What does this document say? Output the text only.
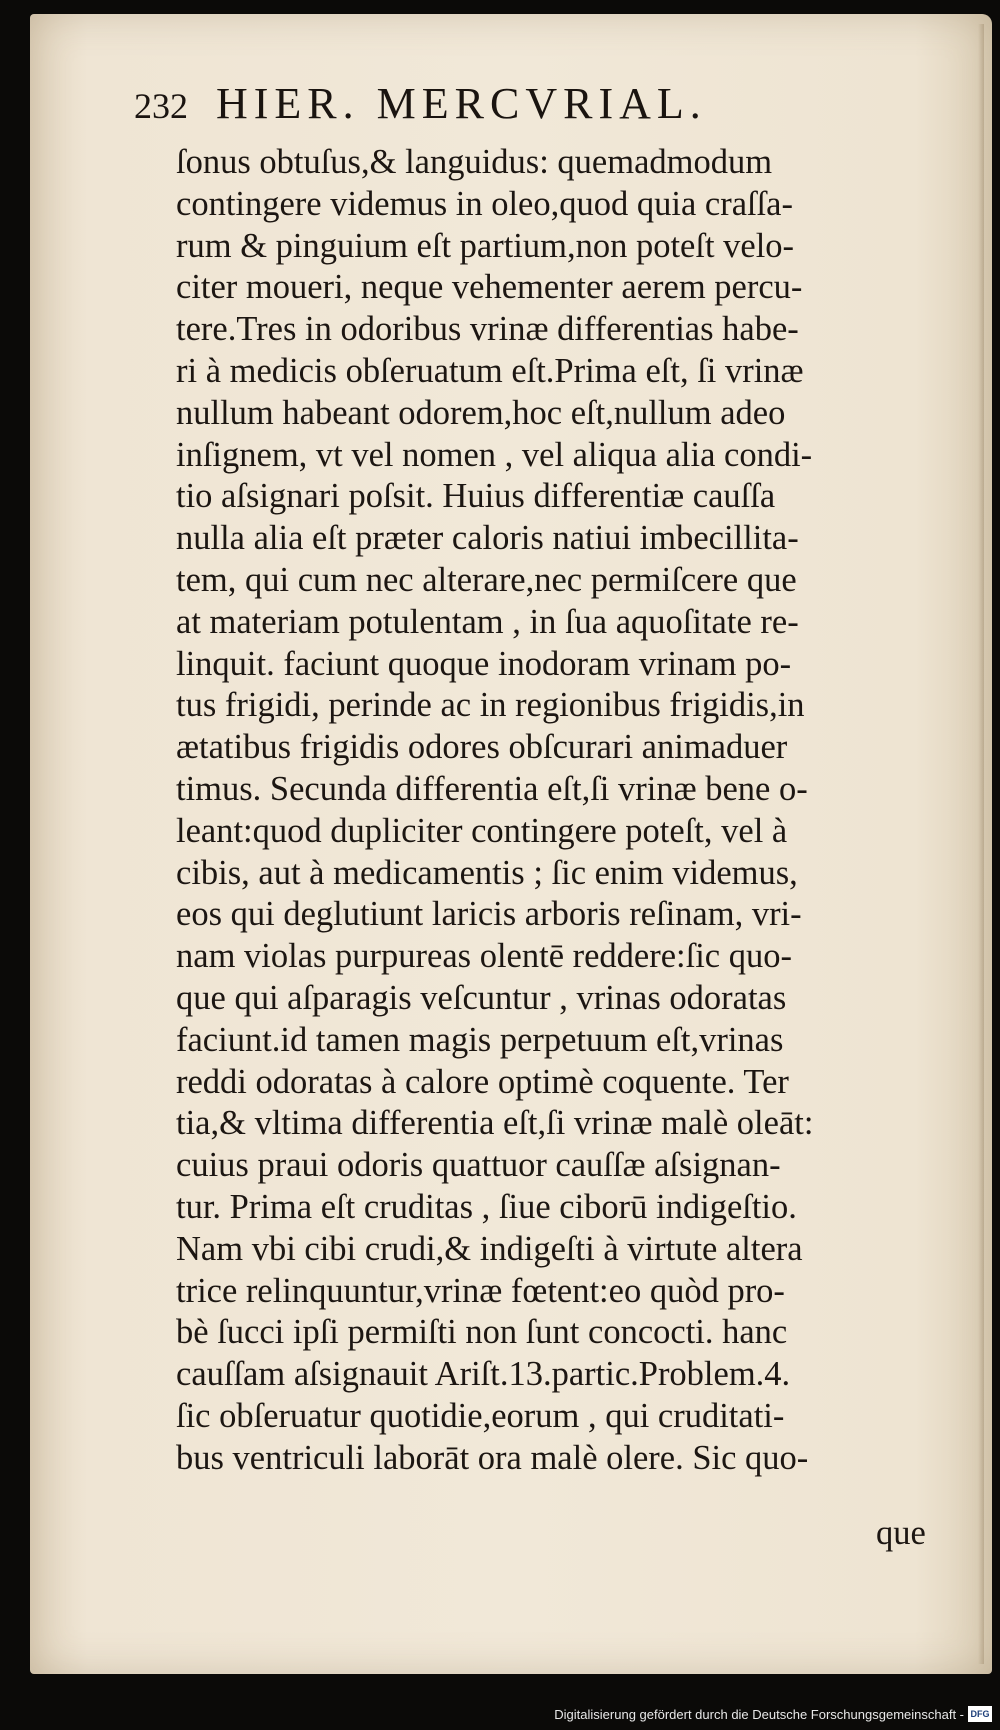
232 HIER. MERCVRIAL.
ſonus obtuſus,& languidus: quemadmodum
contingere videmus in oleo,quod quia craſſa-
rum & pinguium eſt partium,non poteſt velo-
citer moueri, neque vehementer aerem percu-
tere.Tres in odoribus vrinæ differentias habe-
ri à medicis obſeruatum eſt.Prima eſt, ſi vrinæ
nullum habeant odorem,hoc eſt,nullum adeo
inſignem, vt vel nomen , vel aliqua alia condi-
tio aſsignari poſsit. Huius differentiæ cauſſa
nulla alia eſt præter caloris natiui imbecillita-
tem, qui cum nec alterare,nec permiſcere que
at materiam potulentam , in ſua aquoſitate re-
linquit. faciunt quoque inodoram vrinam po-
tus frigidi, perinde ac in regionibus frigidis,in
ætatibus frigidis odores obſcurari animaduer
timus. Secunda differentia eſt,ſi vrinæ bene o-
leant:quod dupliciter contingere poteſt, vel à
cibis, aut à medicamentis ; ſic enim videmus,
eos qui deglutiunt laricis arboris reſinam, vri-
nam violas purpureas olentē reddere:ſic quo-
que qui aſparagis veſcuntur , vrinas odoratas
faciunt.id tamen magis perpetuum eſt,vrinas
reddi odoratas à calore optimè coquente. Ter
tia,& vltima differentia eſt,ſi vrinæ malè oleāt:
cuius praui odoris quattuor cauſſæ aſsignan-
tur. Prima eſt cruditas , ſiue ciborū indigeſtio.
Nam vbi cibi crudi,& indigeſti à virtute altera
trice relinquuntur,vrinæ fœtent:eo quòd pro-
bè ſucci ipſi permiſti non ſunt concocti. hanc
cauſſam aſsignauit Ariſt.13.partic.Problem.4.
ſic obſeruatur quotidie,eorum , qui cruditati-
bus ventriculi laborāt ora malè olere. Sic quo-
que
Digitalisierung gefördert durch die Deutsche Forschungsgemeinschaft - DFG
